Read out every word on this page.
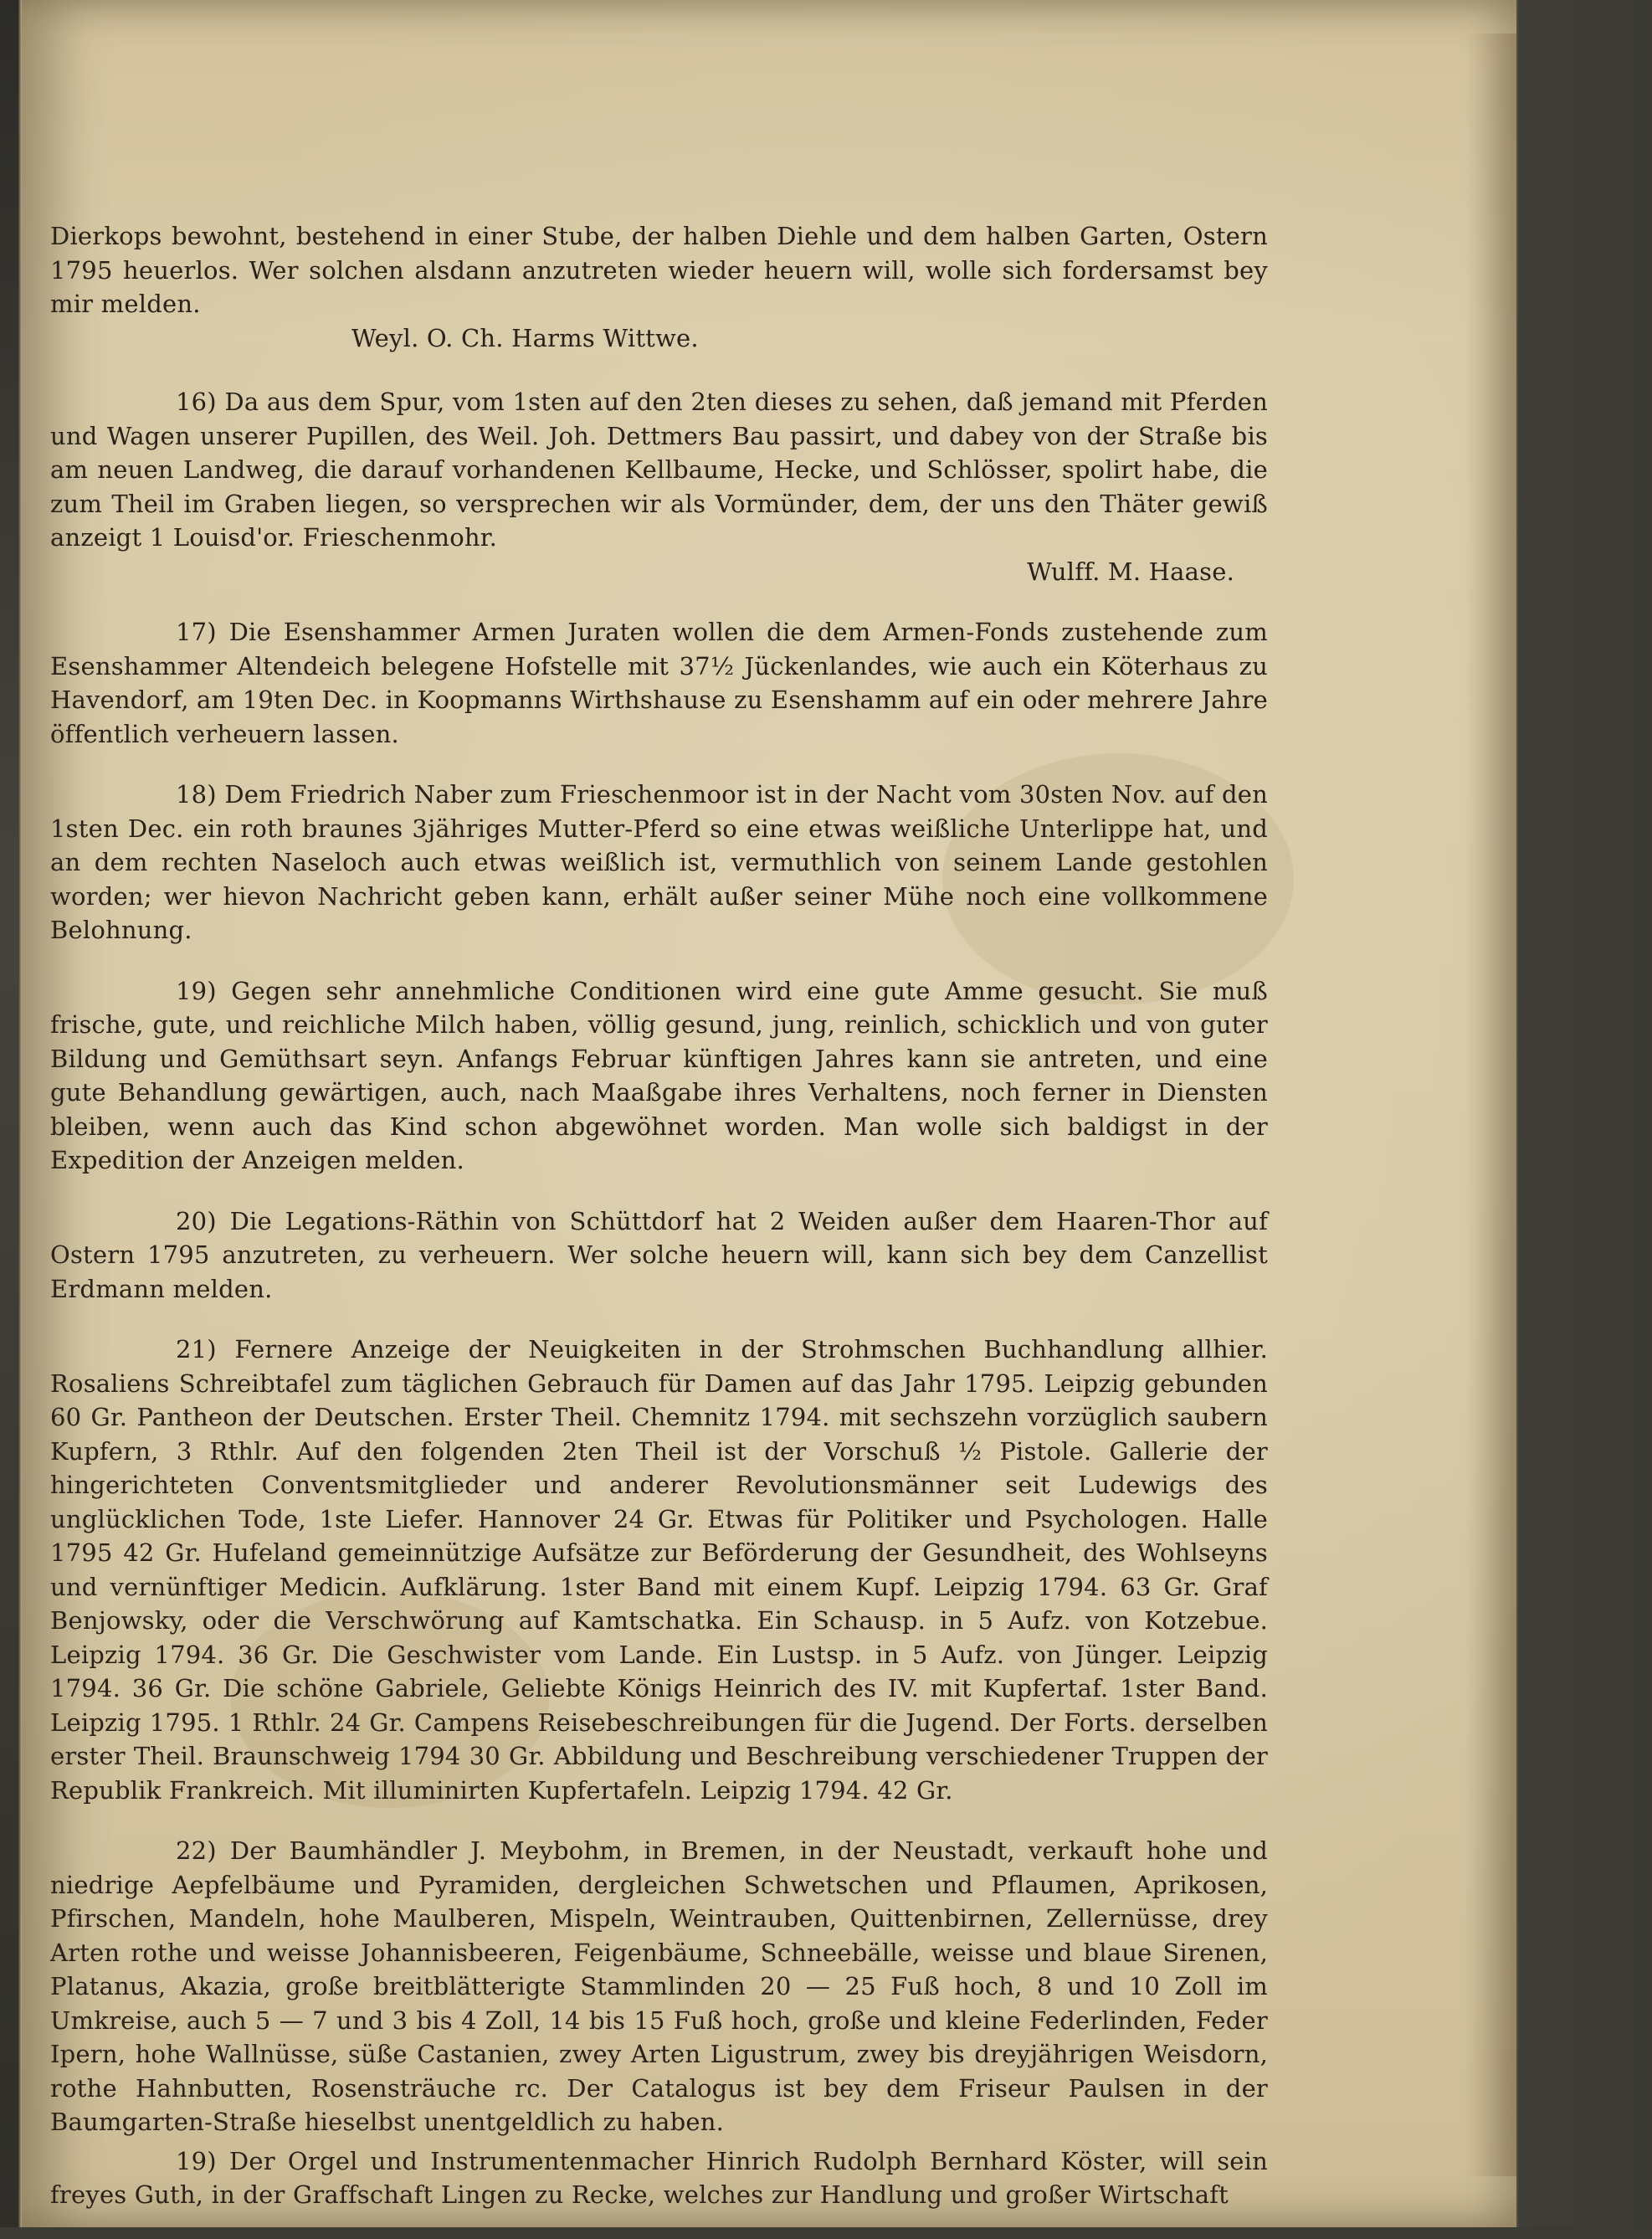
Dierkops bewohnt, bestehend in einer Stube, der halben Diehle und dem halben Garten, Ostern 1795 heuerlos. Wer solchen alsdann anzutreten wieder heuern will, wolle sich fordersamst bey mir melden.

Weyl. O. Ch. Harms Wittwe.
16)

Da aus dem Spur, vom 1sten auf den 2ten dieses zu sehen, daß jemand mit Pferden und Wagen unserer Pupillen, des Weil. Joh. Dettmers Bau passirt, und dabey von der Straße bis am neuen Landweg, die darauf vorhandenen Kellbaume, Hecke, und Schlösser, spolirt habe, die zum Theil im Graben liegen, so versprechen wir als Vormünder, dem, der uns den Thäter gewiß anzeigt 1 Louisd'or. Frieschenmohr.

Wulff. M. Haase.
17)

Die Esenshammer Armen Juraten wollen die dem Armen-Fonds zustehende zum Esenshammer Altendeich belegene Hofstelle mit 37½ Jückenlandes, wie auch ein Köterhaus zu Havendorf, am 19ten Dec. in Koopmanns Wirthshause zu Esenshamm auf ein oder mehrere Jahre öffentlich verheuern lassen.

18)

Dem Friedrich Naber zum Frieschenmoor ist in der Nacht vom 30sten Nov. auf den 1sten Dec. ein roth braunes 3jähriges Mutter-Pferd so eine etwas weißliche Unterlippe hat, und an dem rechten Naseloch auch etwas weißlich ist, vermuthlich von seinem Lande gestohlen worden; wer hievon Nachricht geben kann, erhält außer seiner Mühe noch eine vollkommene Belohnung.

19)

Gegen sehr annehmliche Conditionen wird eine gute Amme gesucht. Sie muß frische, gute, und reichliche Milch haben, völlig gesund, jung, reinlich, schicklich und von guter Bildung und Gemüthsart seyn. Anfangs Februar künftigen Jahres kann sie antreten, und eine gute Behandlung gewärtigen, auch, nach Maaßgabe ihres Verhaltens, noch ferner in Diensten bleiben, wenn auch das Kind schon abgewöhnet worden. Man wolle sich baldigst in der Expedition der Anzeigen melden.

20)

Die Legations-Räthin von Schüttdorf hat 2 Weiden außer dem Haaren-Thor auf Ostern 1795 anzutreten, zu verheuern. Wer solche heuern will, kann sich bey dem Canzellist Erdmann melden.

21)

Fernere Anzeige der Neuigkeiten in der Strohmschen Buchhandlung allhier. Rosaliens Schreibtafel zum täglichen Gebrauch für Damen auf das Jahr 1795. Leipzig gebunden 60 Gr. Pantheon der Deutschen. Erster Theil. Chemnitz 1794. mit sechszehn vorzüglich saubern Kupfern, 3 Rthlr. Auf den folgenden 2ten Theil ist der Vorschuß ½ Pistole. Gallerie der hingerichteten Conventsmitglieder und anderer Revolutionsmänner seit Ludewigs des unglücklichen Tode, 1ste Liefer. Hannover 24 Gr. Etwas für Politiker und Psychologen. Halle 1795 42 Gr. Hufeland gemeinnützige Aufsätze zur Beförderung der Gesundheit, des Wohlseyns und vernünftiger Medicin. Aufklärung. 1ster Band mit einem Kupf. Leipzig 1794. 63 Gr. Graf Benjowsky, oder die Verschwörung auf Kamtschatka. Ein Schausp. in 5 Aufz. von Kotzebue. Leipzig 1794. 36 Gr. Die Geschwister vom Lande. Ein Lustsp. in 5 Aufz. von Jünger. Leipzig 1794. 36 Gr. Die schöne Gabriele, Geliebte Königs Heinrich des IV. mit Kupfertaf. 1ster Band. Leipzig 1795. 1 Rthlr. 24 Gr. Campens Reisebeschreibungen für die Jugend. Der Forts. derselben erster Theil. Braunschweig 1794 30 Gr. Abbildung und Beschreibung verschiedener Truppen der Republik Frankreich. Mit illuminirten Kupfertafeln. Leipzig 1794. 42 Gr.

22)

Der Baumhändler J. Meybohm, in Bremen, in der Neustadt, verkauft hohe und niedrige Aepfelbäume und Pyramiden, dergleichen Schwetschen und Pflaumen, Aprikosen, Pfirschen, Mandeln, hohe Maulberen, Mispeln, Weintrauben, Quittenbirnen, Zellernüsse, drey Arten rothe und weisse Johannisbeeren, Feigenbäume, Schneebälle, weisse und blaue Sirenen, Platanus, Akazia, große breitblätterigte Stammlinden 20 — 25 Fuß hoch, 8 und 10 Zoll im Umkreise, auch 5 — 7 und 3 bis 4 Zoll, 14 bis 15 Fuß hoch, große und kleine Federlinden, Feder Ipern, hohe Wallnüsse, süße Castanien, zwey Arten Ligustrum, zwey bis dreyjährigen Weisdorn, rothe Hahnbutten, Rosensträuche rc. Der Catalogus ist bey dem Friseur Paulsen in der Baumgarten-Straße hieselbst unentgeldlich zu haben.

19)

Der Orgel und Instrumentenmacher Hinrich Rudolph Bernhard Köster, will sein freyes Guth, in der Graffschaft Lingen zu Recke, welches zur Handlung und großer Wirtschaft
